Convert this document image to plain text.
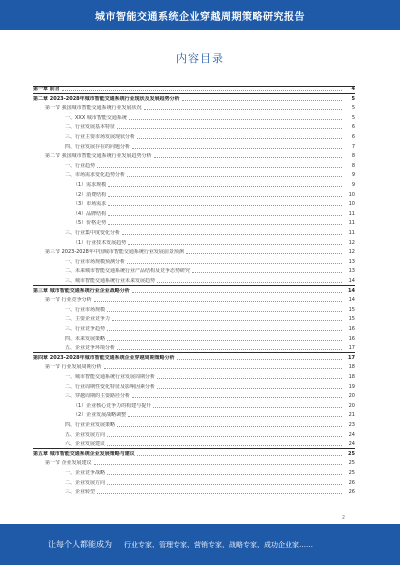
城市智能交通系统企业穿越周期策略研究报告
内容目录
第一章 前言	4
第二章 2023-2028年城市智能交通系统行业现状及发展趋势分析	5
第一节 我国城市智能交通系统行业发展状况	5
一、XXX 城市智能交通系统	5
二、行业发展基本特征	6
三、行业主要市场发展现状分析	6
四、行业发展存在的问题分析	7
第二节 我国城市智能交通系统行业发展趋势分析	8
一、行业趋势	8
二、市场需求变化趋势分析	9
（1）需求规模	9
（2）消费结构	10
（3）市场需求	10
（4）品牌结构	11
（5）价格走势	11
三、行业集中度变化分析	11
（1）行业技术发展趋势	12
第三节 2023-2028年中国城市智能交通系统行业发展前景预测	12
一、行业市场规模预测分析	13
二、未来城市智能交通系统行业产品结构及竞争态势研究	13
三、城市智能交通系统行业未来发展趋势	14
第三章 城市智能交通系统行业企业战略分析	14
第一节 行业竞争分析	14
一、行业市场规模	15
二、主要企业竞争力	15
三、行业竞争趋势	16
四、未来发展策略	16
五、企业竞争环境分析	17
第四章 2023-2028年城市智能交通系统企业穿越周期策略分析	17
第一节 行业发展周期分析	18
一、城市智能交通系统行业发展周期分析	18
二、行业周期性变化特征及影响因素分析	19
三、穿越周期的主要路径分析	20
（1）企业核心竞争力的构建与提升	20
（2）企业发展战略调整	21
四、行业企业发展策略	23
五、企业发展方向	24
六、企业发展建议	24
第五章 城市智能交通系统企业发展策略与建议	25
第一节 企业发展建议	25
一、企业竞争战略	25
二、企业发展方向	26
三、企业转型	26
2
让每个人都能成为 行业专家、管理专家、营销专家、战略专家、成功企业家……
